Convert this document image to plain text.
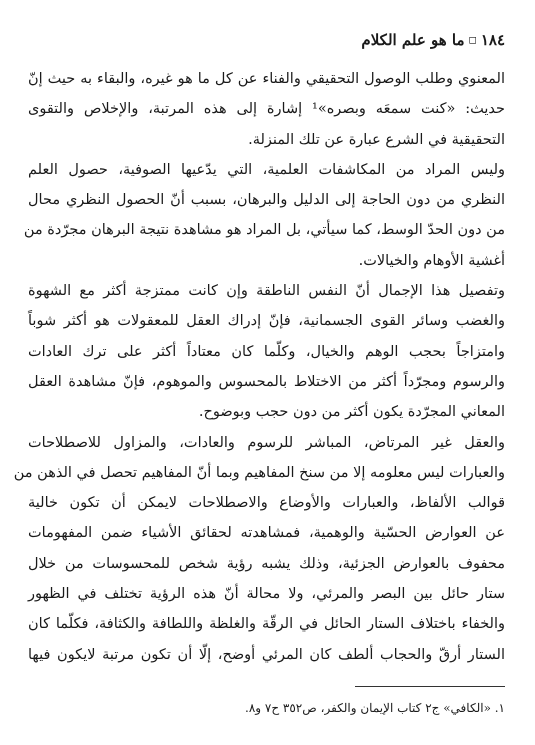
١٨٤
◻
ما هو علم الكلام
المعنوي وطلب الوصول التحقيقي والفناء عن كل ما هو غيره، والبقاء به حيث إنّ
حديث: «كنت سمعَه وبصره»¹ إشارة إلى هذه المرتبة، والإخلاص والتقوى
التحقيقية في الشرع عبارة عن تلك المنزلة.
وليس المراد من المكاشفات العلمية، التي يدّعيها الصوفية، حصول العلم
النظري من دون الحاجة إلى الدليل والبرهان، بسبب أنّ الحصول النظري محال
من دون الحدّ الوسط، كما سيأتي، بل المراد هو مشاهدة نتيجة البرهان مجرّدة من
أغشية الأوهام والخيالات.
وتفصيل هذا الإجمال أنّ النفس الناطقة وإن كانت ممتزجة أكثر مع الشهوة
والغضب وسائر القوى الجسمانية، فإنّ إدراك العقل للمعقولات هو أكثر شوباً
وامتزاجاً بحجب الوهم والخيال، وكلّما كان معتاداً أكثر على ترك العادات
والرسوم ومجرّداً أكثر من الاختلاط بالمحسوس والموهوم، فإنّ مشاهدة العقل
المعاني المجرّدة يكون أكثر من دون حجب وبوضوح.
والعقل غير المرتاض، المباشر للرسوم والعادات، والمزاول للاصطلاحات
والعبارات ليس معلومه إلا من سنخ المفاهيم وبما أنّ المفاهيم تحصل في الذهن من
قوالب الألفاظ، والعبارات والأوضاع والاصطلاحات لايمكن أن تكون خالية
عن العوارض الحسّية والوهمية، فمشاهدته لحقائق الأشياء ضمن المفهومات
محفوف بالعوارض الجزئية، وذلك يشبه رؤية شخص للمحسوسات من خلال
ستار حائل بين البصر والمرئي، ولا محالة أنّ هذه الرؤية تختلف في الظهور
والخفاء باختلاف الستار الحائل في الرقّة والغلظة واللطافة والكثافة، فكلّما كان
الستار أرقّ والحجاب ألطف كان المرئي أوضح، إلّا أن تكون مرتبة لايكون فيها
١. «الكافي» ج٢ كتاب الإيمان والكفر، ص٣٥٢ ح٧ و٨.
